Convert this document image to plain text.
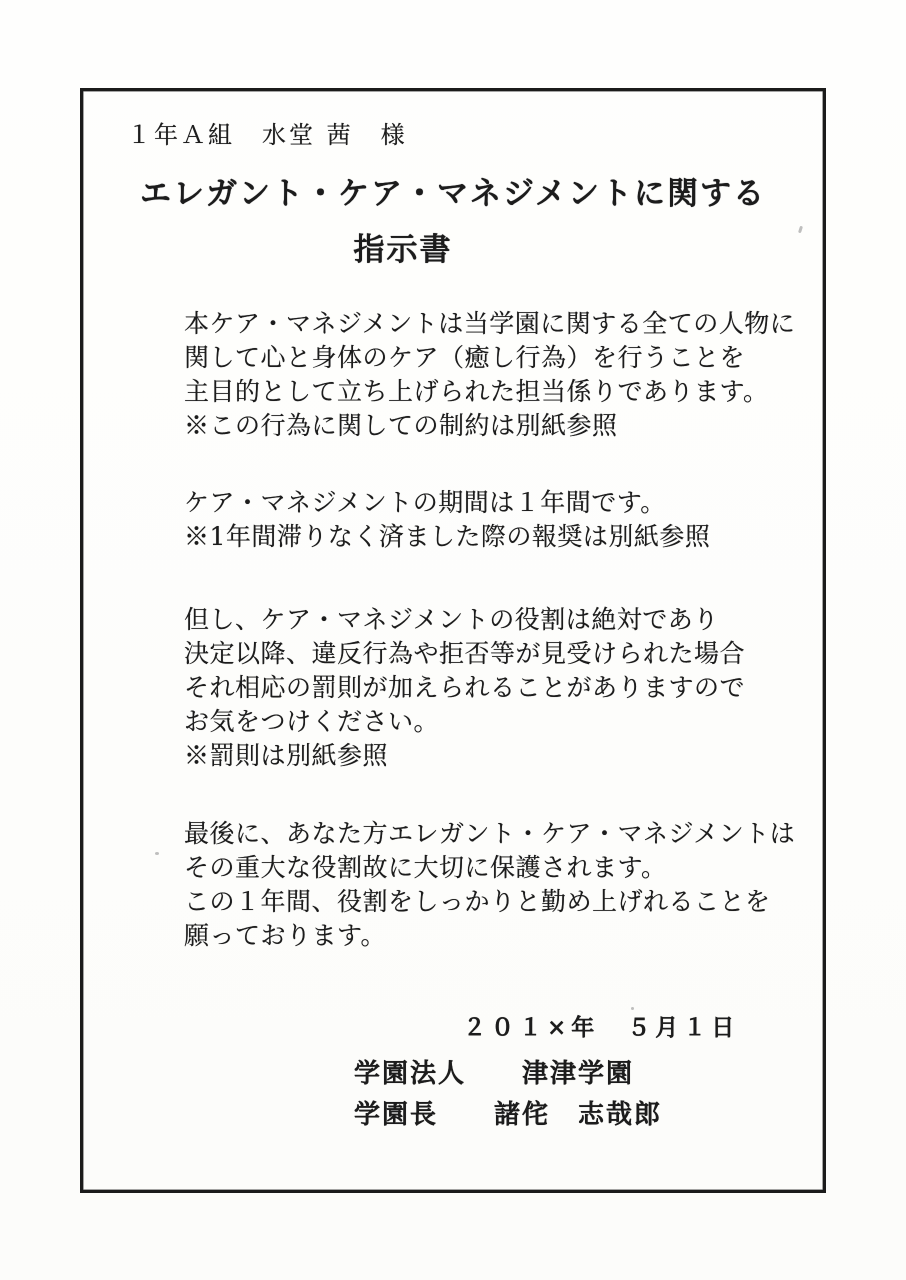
１年Ａ組　水堂 茜　様
エレガント・ケア・マネジメントに関する
指示書
本ケア・マネジメントは当学園に関する全ての人物に
関して心と身体のケア（癒し行為）を行うことを
主目的として立ち上げられた担当係りであります。
※この行為に関しての制約は別紙参照
ケア・マネジメントの期間は１年間です。
※1年間滞りなく済ました際の報奨は別紙参照
但し、ケア・マネジメントの役割は絶対であり
決定以降、違反行為や拒否等が見受けられた場合
それ相応の罰則が加えられることがありますので
お気をつけください。
※罰則は別紙参照
最後に、あなた方エレガント・ケア・マネジメントは
その重大な役割故に大切に保護されます。
この１年間、役割をしっかりと勤め上げれることを
願っております。
２０１×年　５月１日
学園法人　　津津学園
学園長　　諸侘　志哉郎
